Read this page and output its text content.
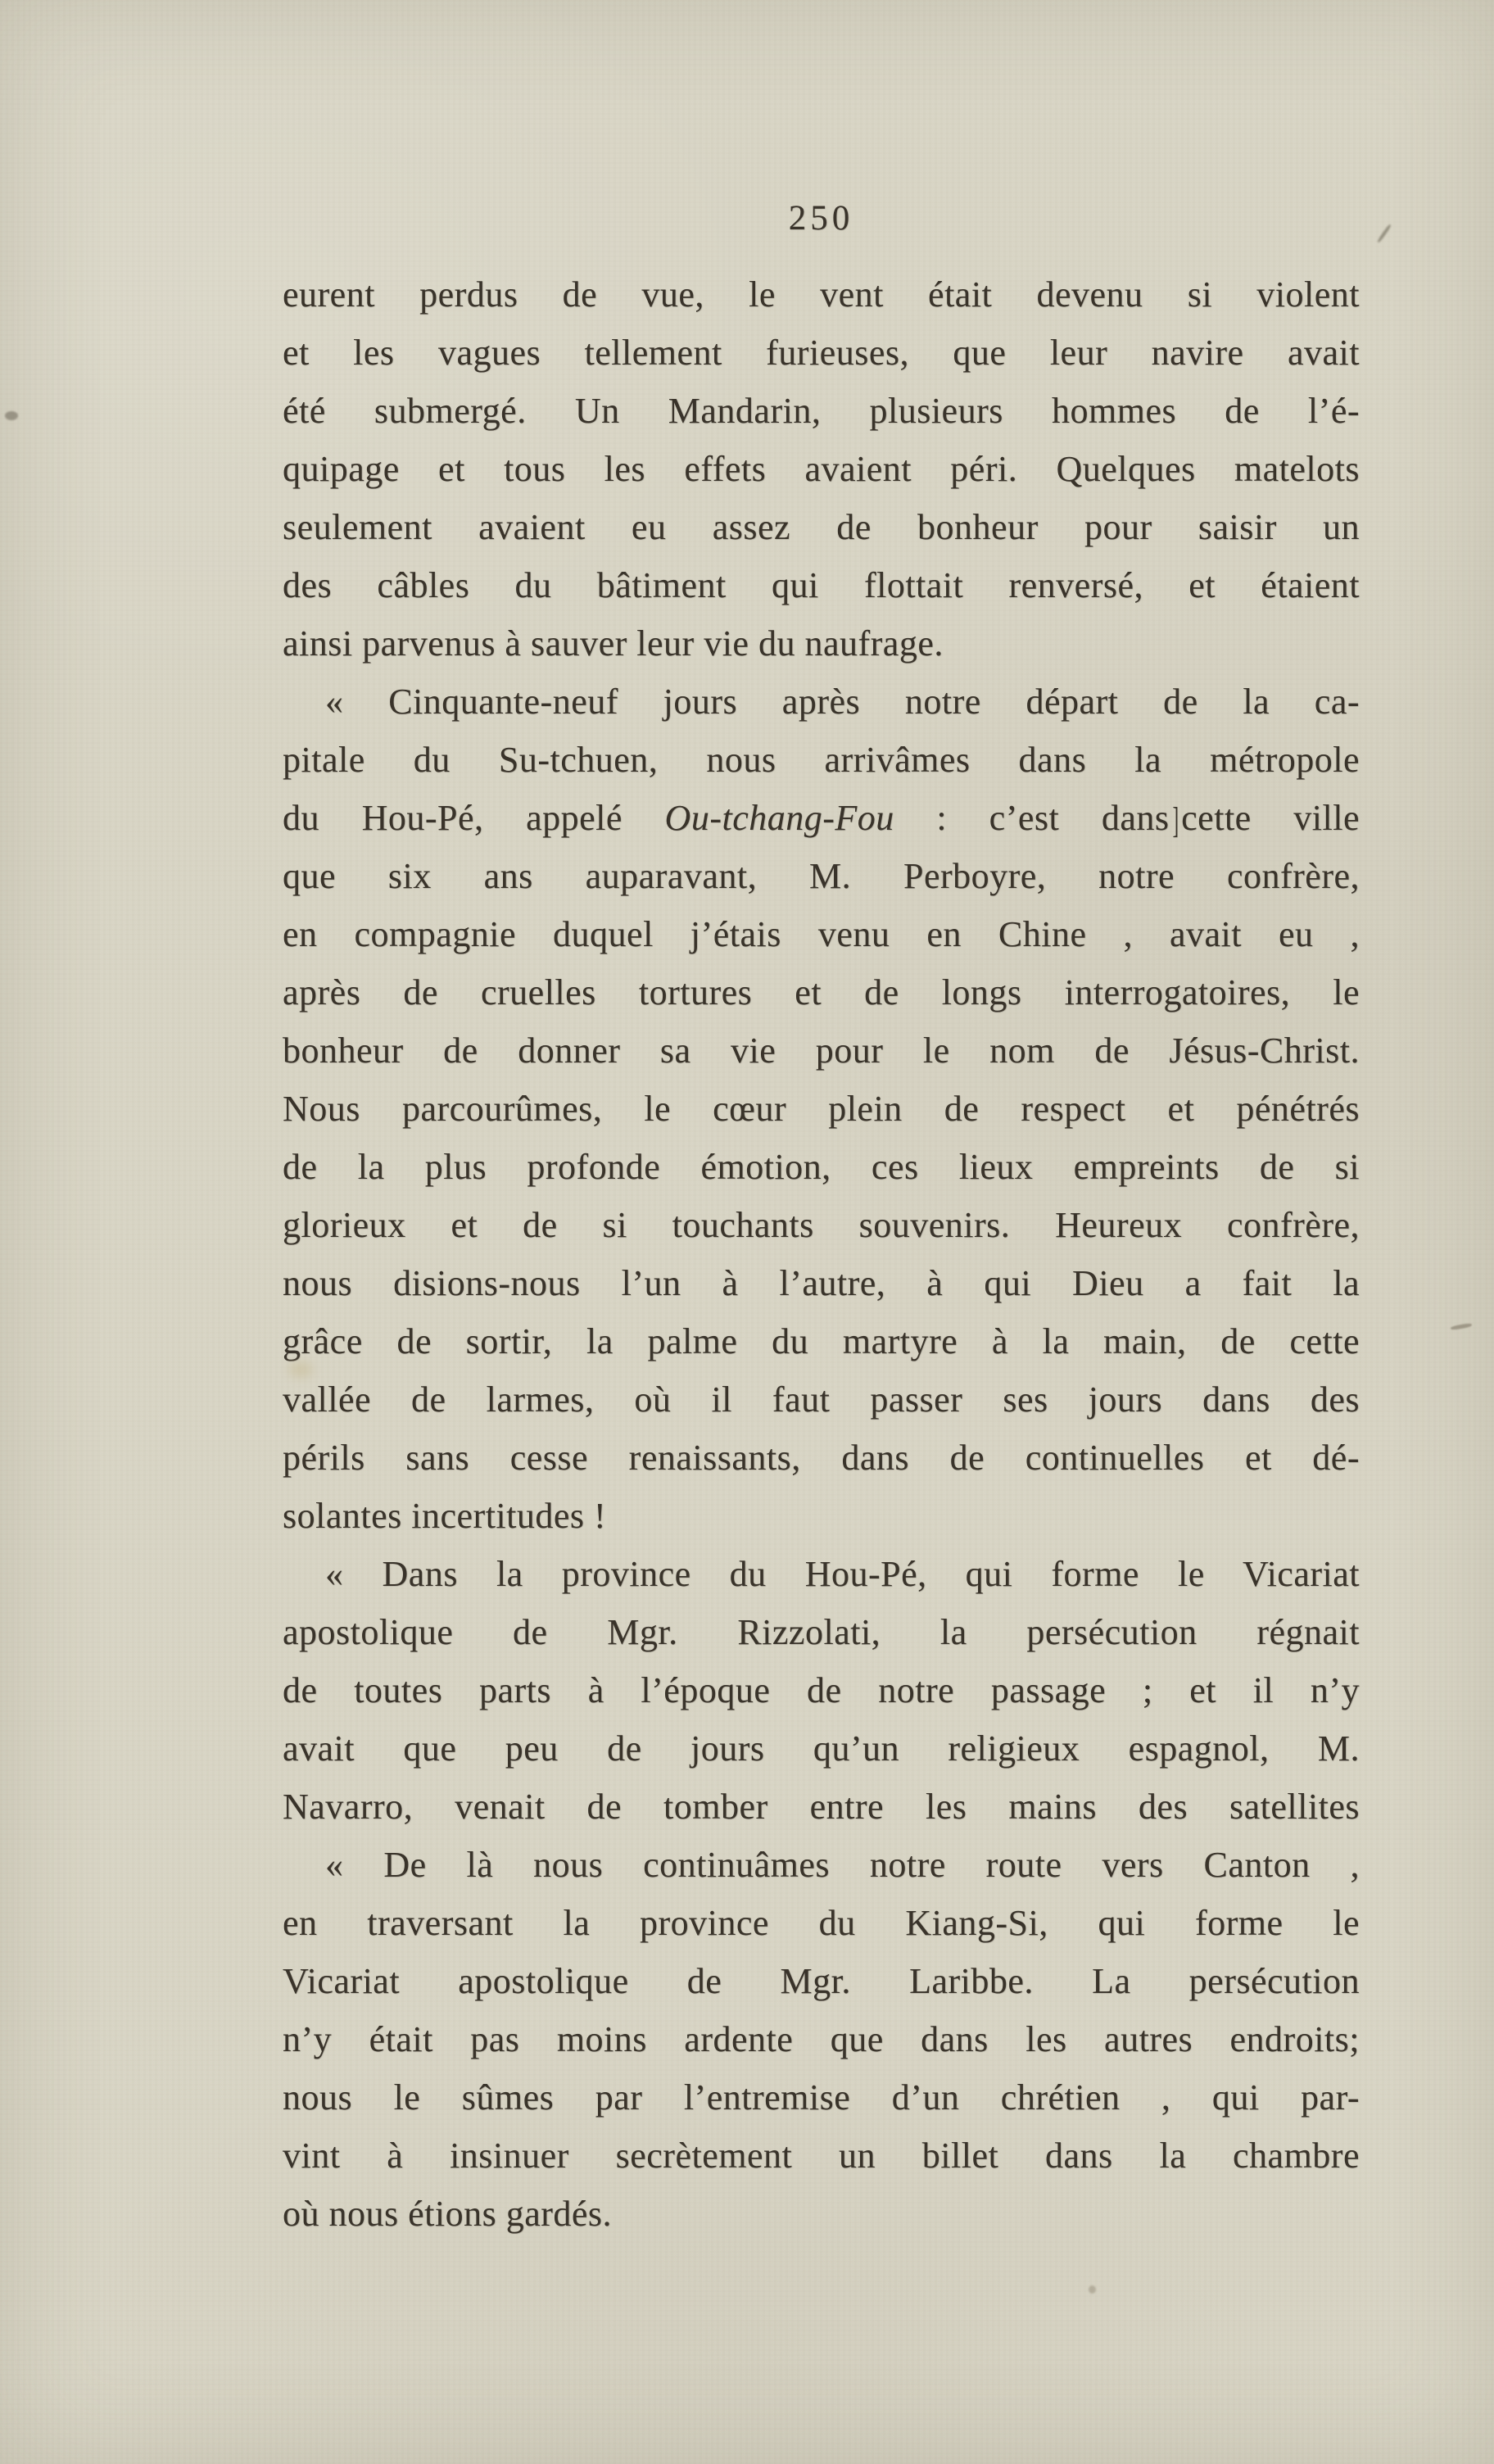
250
eurent perdus de vue, le vent était devenu si violent
et les vagues tellement furieuses, que leur navire avait
été submergé. Un Mandarin, plusieurs hommes de l’é-
quipage et tous les effets avaient péri. Quelques matelots
seulement avaient eu assez de bonheur pour saisir un
des câbles du bâtiment qui flottait renversé, et étaient
ainsi parvenus à sauver leur vie du naufrage.
« Cinquante-neuf jours après notre départ de la ca-
pitale du Su-tchuen, nous arrivâmes dans la métropole
du Hou-Pé, appelé Ou-tchang-Fou : c’est dans]cette ville
que six ans auparavant, M. Perboyre, notre confrère,
en compagnie duquel j’étais venu en Chine , avait eu ,
après de cruelles tortures et de longs interrogatoires, le
bonheur de donner sa vie pour le nom de Jésus-Christ.
Nous parcourûmes, le cœur plein de respect et pénétrés
de la plus profonde émotion, ces lieux empreints de si
glorieux et de si touchants souvenirs. Heureux confrère,
nous disions-nous l’un à l’autre, à qui Dieu a fait la
grâce de sortir, la palme du martyre à la main, de cette
vallée de larmes, où il faut passer ses jours dans des
périls sans cesse renaissants, dans de continuelles et dé-
solantes incertitudes !
« Dans la province du Hou-Pé, qui forme le Vicariat
apostolique de Mgr. Rizzolati, la persécution régnait
de toutes parts à l’époque de notre passage ; et il n’y
avait que peu de jours qu’un religieux espagnol, M.
Navarro, venait de tomber entre les mains des satellites
« De là nous continuâmes notre route vers Canton ,
en traversant la province du Kiang-Si, qui forme le
Vicariat apostolique de Mgr. Laribbe. La persécution
n’y était pas moins ardente que dans les autres endroits;
nous le sûmes par l’entremise d’un chrétien , qui par-
vint à insinuer secrètement un billet dans la chambre
où nous étions gardés.
